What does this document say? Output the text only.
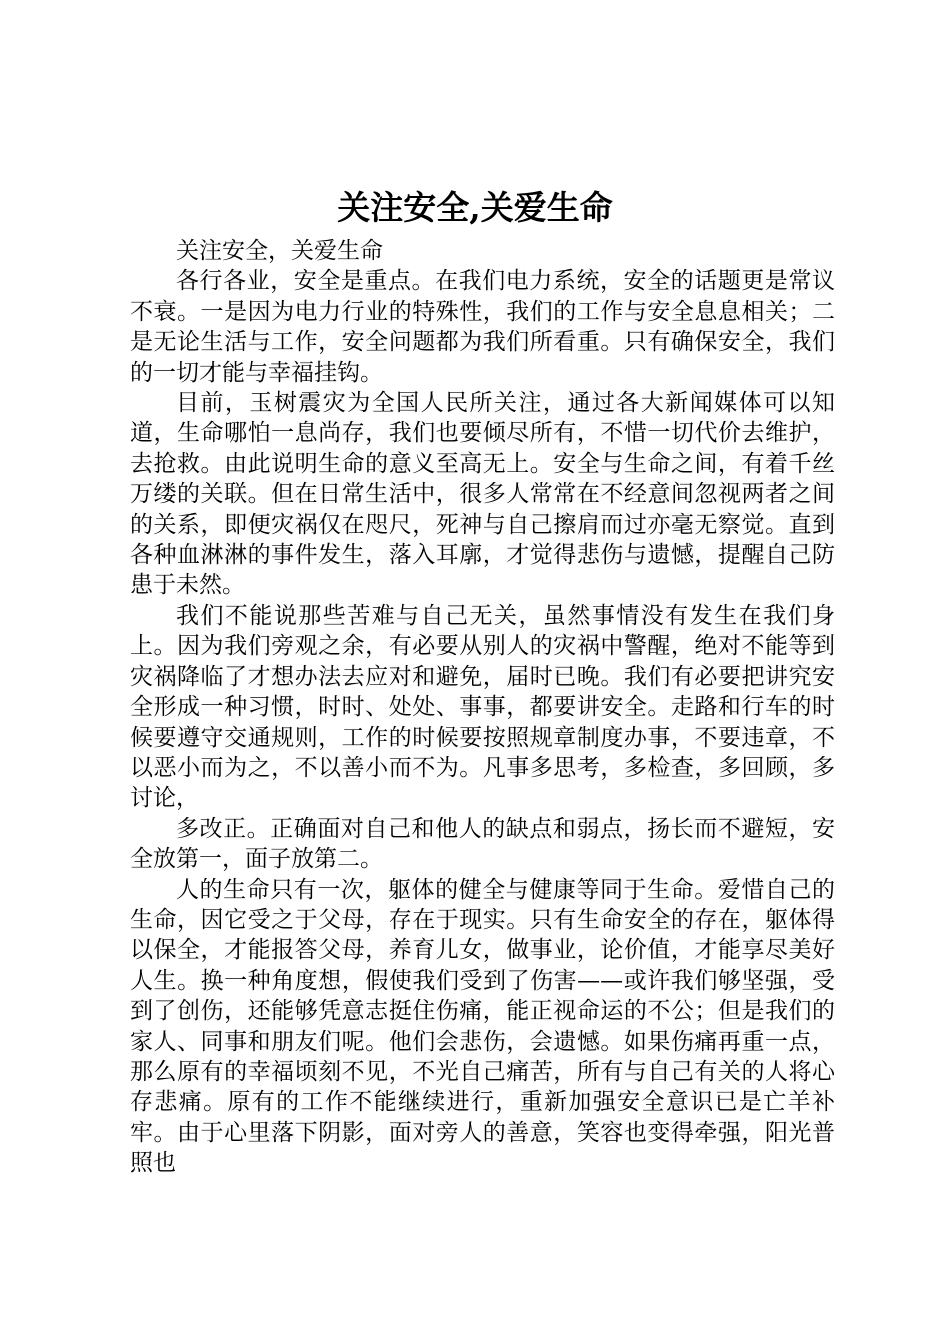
关注安全,关爱生命

关注安全，关爱生命

各行各业，安全是重点。在我们电力系统，安全的话题更是常议不衰。一是因为电力行业的特殊性，我们的工作与安全息息相关；二是无论生活与工作，安全问题都为我们所看重。只有确保安全，我们的一切才能与幸福挂钩。

目前，玉树震灾为全国人民所关注，通过各大新闻媒体可以知道，生命哪怕一息尚存，我们也要倾尽所有，不惜一切代价去维护，去抢救。由此说明生命的意义至高无上。安全与生命之间，有着千丝万缕的关联。但在日常生活中，很多人常常在不经意间忽视两者之间的关系，即便灾祸仅在咫尺，死神与自己擦肩而过亦毫无察觉。直到各种血淋淋的事件发生，落入耳廓，才觉得悲伤与遗憾，提醒自己防患于未然。

我们不能说那些苦难与自己无关，虽然事情没有发生在我们身上。因为我们旁观之余，有必要从别人的灾祸中警醒，绝对不能等到灾祸降临了才想办法去应对和避免，届时已晚。我们有必要把讲究安全形成一种习惯，时时、处处、事事，都要讲安全。走路和行车的时候要遵守交通规则，工作的时候要按照规章制度办事，不要违章，不以恶小而为之，不以善小而不为。凡事多思考，多检查，多回顾，多讨论，

多改正。正确面对自己和他人的缺点和弱点，扬长而不避短，安全放第一，面子放第二。

人的生命只有一次，躯体的健全与健康等同于生命。爱惜自己的生命，因它受之于父母，存在于现实。只有生命安全的存在，躯体得以保全，才能报答父母，养育儿女，做事业，论价值，才能享尽美好人生。换一种角度想，假使我们受到了伤害——或许我们够坚强，受到了创伤，还能够凭意志挺住伤痛，能正视命运的不公；但是我们的家人、同事和朋友们呢。他们会悲伤，会遗憾。如果伤痛再重一点，那么原有的幸福顷刻不见，不光自己痛苦，所有与自己有关的人将心存悲痛。原有的工作不能继续进行，重新加强安全意识已是亡羊补牢。由于心里落下阴影，面对旁人的善意，笑容也变得牵强，阳光普照也
